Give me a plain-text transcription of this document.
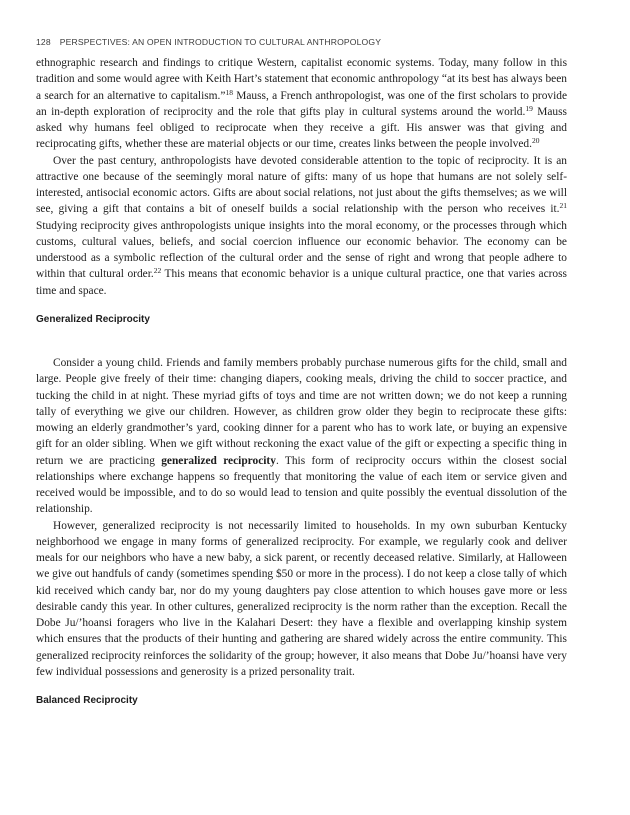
128 PERSPECTIVES: AN OPEN INTRODUCTION TO CULTURAL ANTHROPOLOGY

ethnographic research and findings to critique Western, capitalist economic systems. Today, many follow in this tradition and some would agree with Keith Hart’s statement that economic anthropology “at its best has always been a search for an alternative to capitalism.”$^{18}$ Mauss, a French anthropologist, was one of the first scholars to provide an in-depth exploration of reciprocity and the role that gifts play in cultural systems around the world.$^{19}$ Mauss asked why humans feel obliged to reciprocate when they receive a gift. His answer was that giving and reciprocating gifts, whether these are material objects or our time, creates links between the people involved.$^{20}$

Over the past century, anthropologists have devoted considerable attention to the topic of reciprocity. It is an attractive one because of the seemingly moral nature of gifts: many of us hope that humans are not solely self-interested, antisocial economic actors. Gifts are about social relations, not just about the gifts themselves; as we will see, giving a gift that contains a bit of oneself builds a social relationship with the person who receives it.$^{21}$ Studying reciprocity gives anthropologists unique insights into the moral economy, or the processes through which customs, cultural values, beliefs, and social coercion influence our economic behavior. The economy can be understood as a symbolic reflection of the cultural order and the sense of right and wrong that people adhere to within that cultural order.$^{22}$ This means that economic behavior is a unique cultural practice, one that varies across time and space.

Generalized Reciprocity

Consider a young child. Friends and family members probably purchase numerous gifts for the child, small and large. People give freely of their time: changing diapers, cooking meals, driving the child to soccer practice, and tucking the child in at night. These myriad gifts of toys and time are not written down; we do not keep a running tally of everything we give our children. However, as children grow older they begin to reciprocate these gifts: mowing an elderly grandmother’s yard, cooking dinner for a parent who has to work late, or buying an expensive gift for an older sibling. When we gift without reckoning the exact value of the gift or expecting a specific thing in return we are practicing generalized reciprocity. This form of reciprocity occurs within the closest social relationships where exchange happens so frequently that monitoring the value of each item or service given and received would be impossible, and to do so would lead to tension and quite possibly the eventual dissolution of the relationship.

However, generalized reciprocity is not necessarily limited to households. In my own suburban Kentucky neighborhood we engage in many forms of generalized reciprocity. For example, we regularly cook and deliver meals for our neighbors who have a new baby, a sick parent, or recently deceased relative. Similarly, at Halloween we give out handfuls of candy (sometimes spending $50 or more in the process). I do not keep a close tally of which kid received which candy bar, nor do my young daughters pay close attention to which houses gave more or less desirable candy this year. In other cultures, generalized reciprocity is the norm rather than the exception. Recall the Dobe Ju/’hoansi foragers who live in the Kalahari Desert: they have a flexible and overlapping kinship system which ensures that the products of their hunting and gathering are shared widely across the entire community. This generalized reciprocity reinforces the solidarity of the group; however, it also means that Dobe Ju/’hoansi have very few individual possessions and generosity is a prized personality trait.

Balanced Reciprocity
